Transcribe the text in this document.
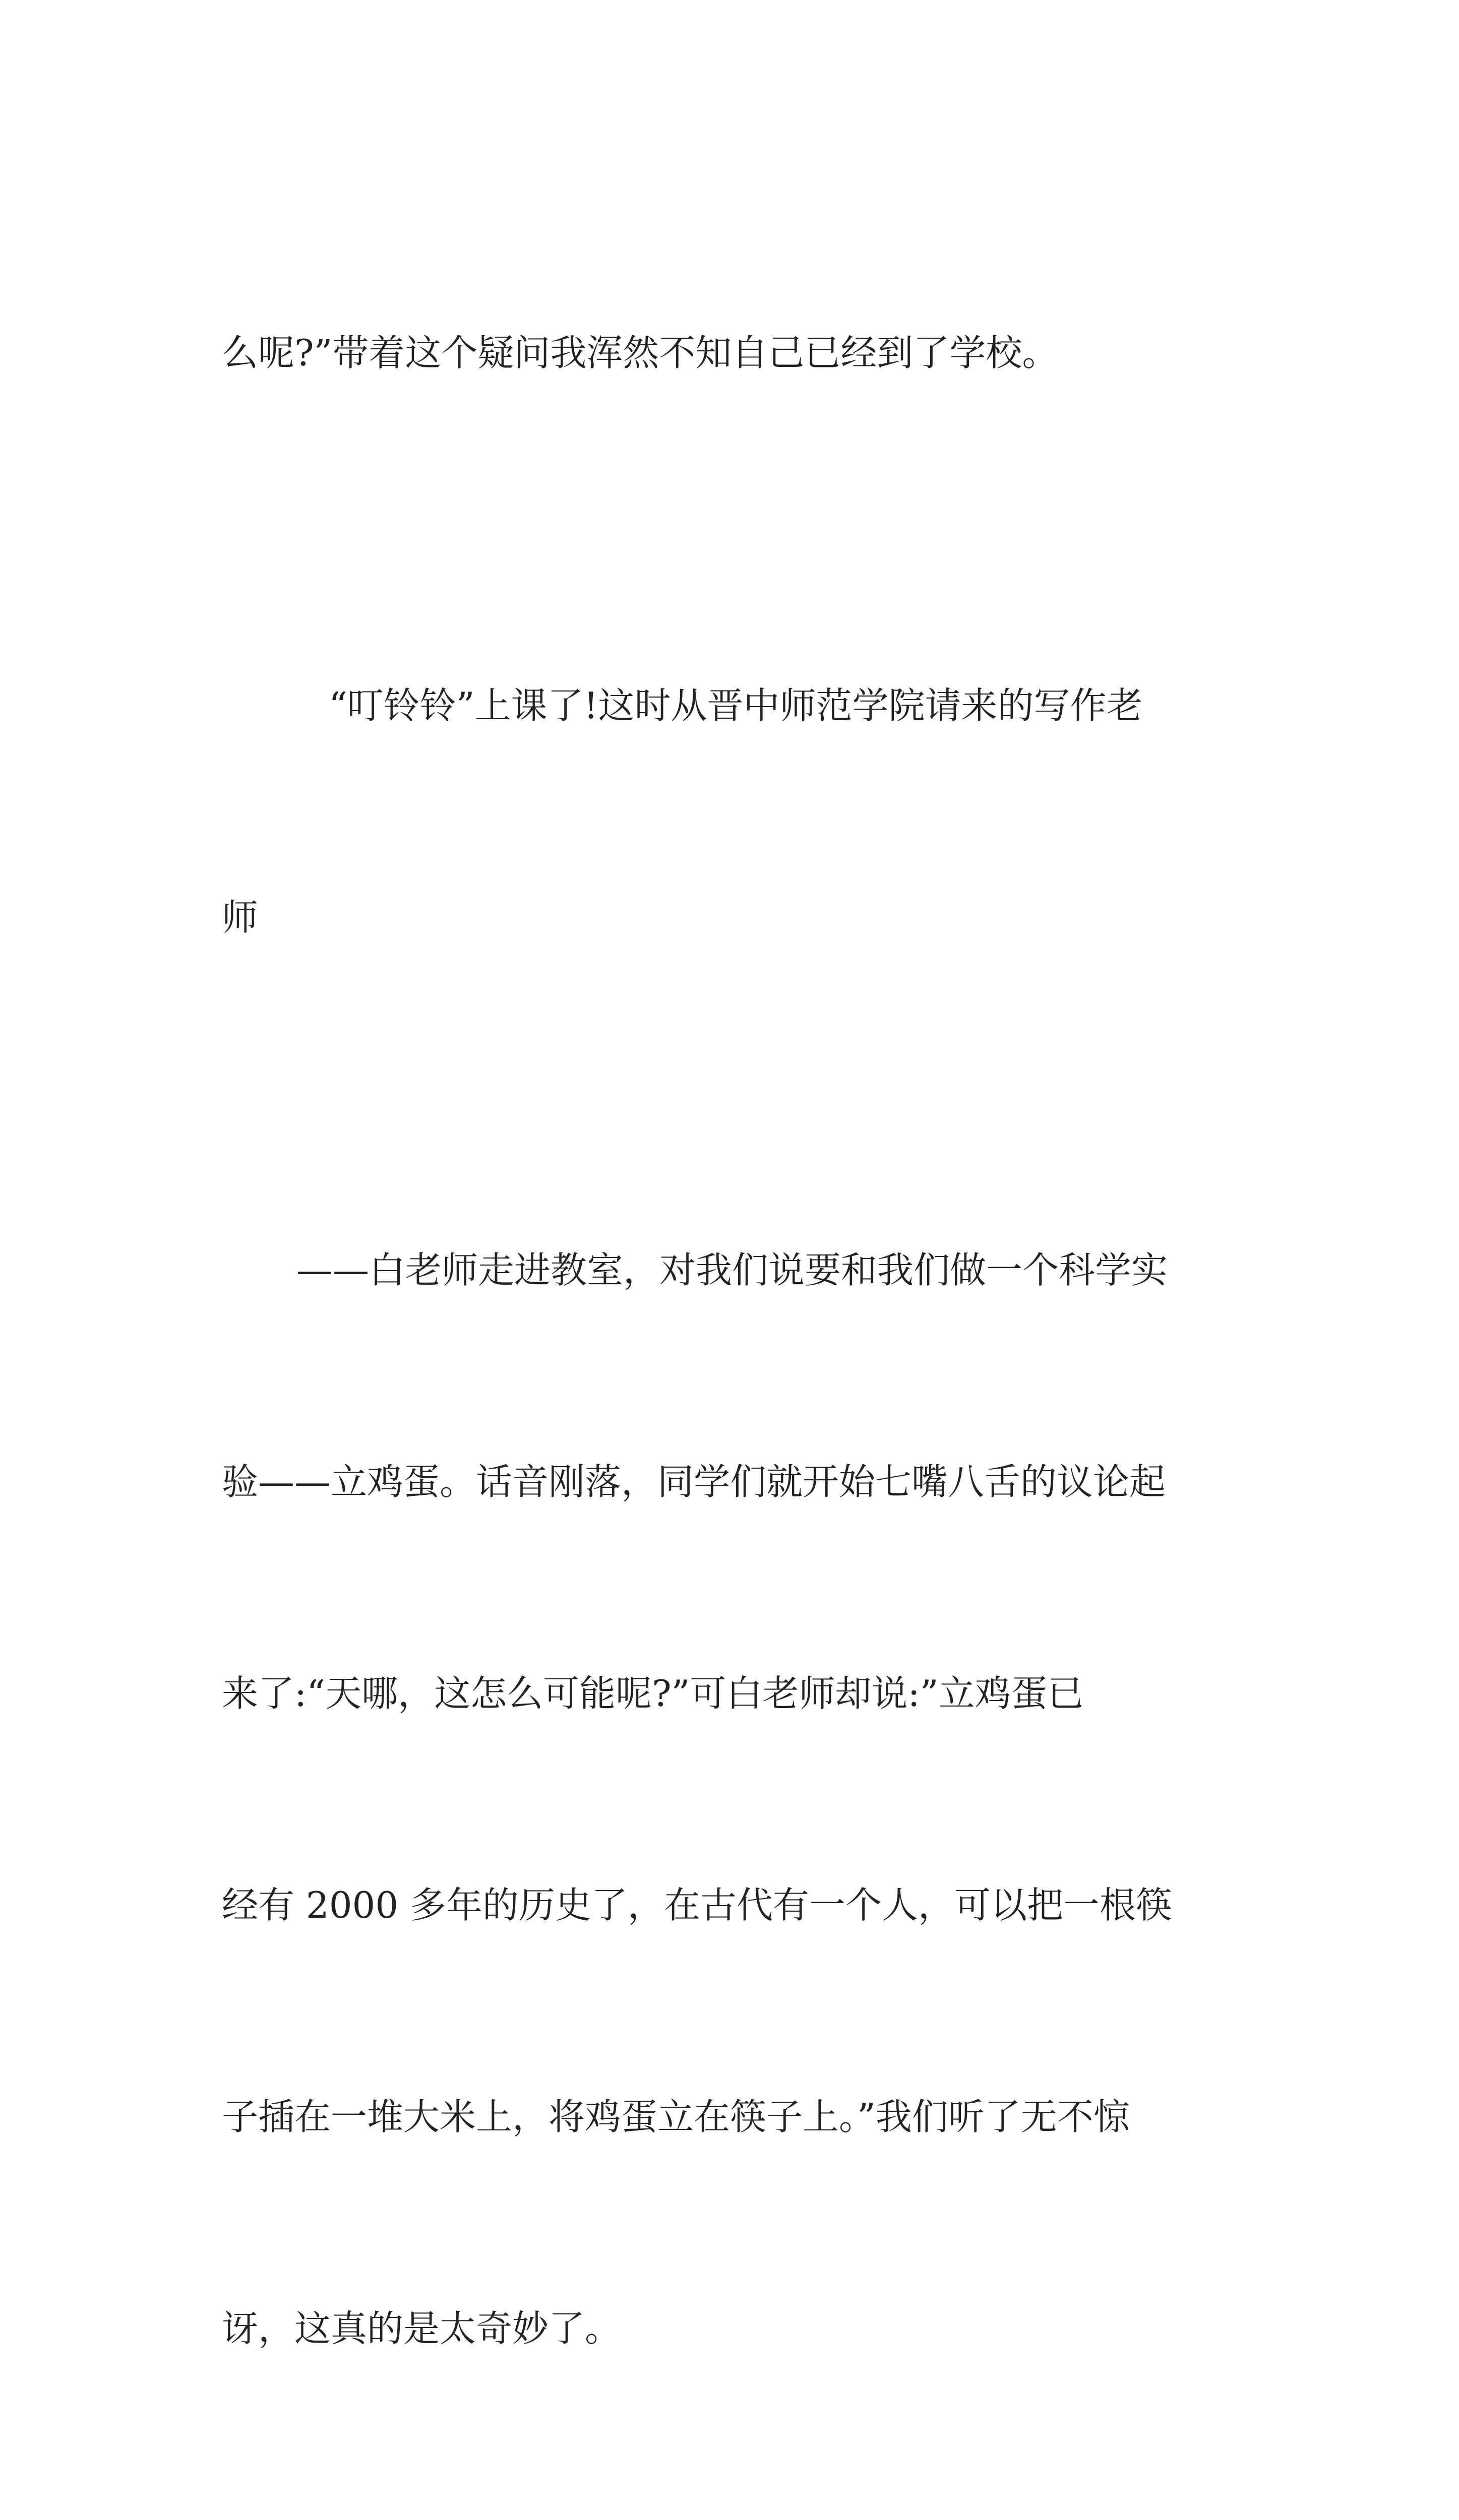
么呢?”带着这个疑问我浑然不知自己已经到了学校。

“叮铃铃”上课了!这时从晋中师范学院请来的写作老

师

——白老师走进教室，对我们说要和我们做一个科学实

验——立鸡蛋。话音刚落，同学们就开始七嘴八舌的议论起

来了:“天哪，这怎么可能呢?”可白老师却说:”立鸡蛋已

经有 2000 多年的历史了，在古代有一个人，可以把一根筷

子插在一堆大米上，将鸡蛋立在筷子上。”我们听了无不惊

讶，这真的是太奇妙了。
